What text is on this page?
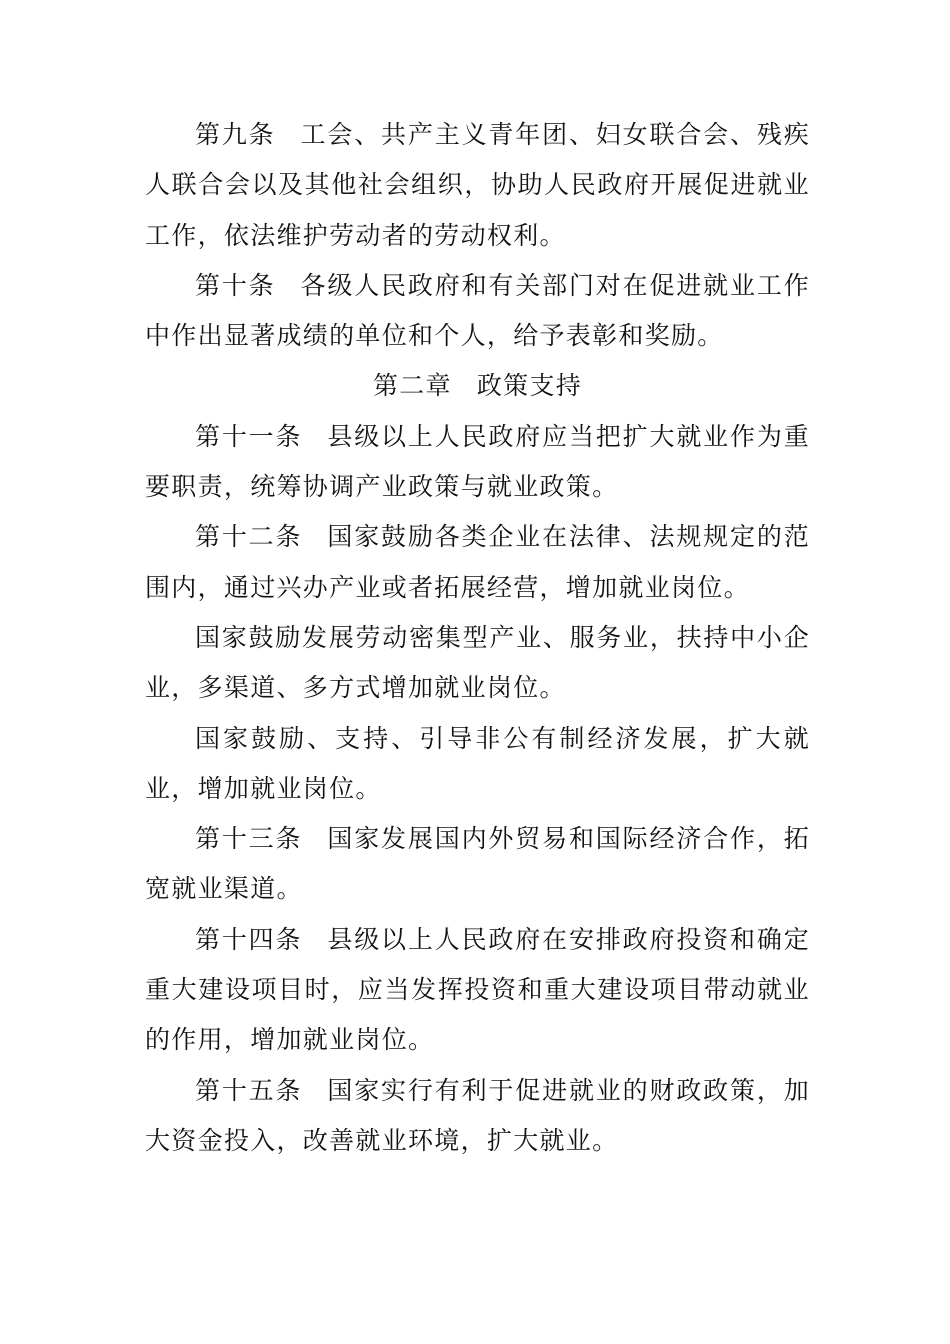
第九条 工会、共产主义青年团、妇女联合会、残疾人联合会以及其他社会组织，协助人民政府开展促进就业工作，依法维护劳动者的劳动权利。

第十条 各级人民政府和有关部门对在促进就业工作中作出显著成绩的单位和个人，给予表彰和奖励。

第二章 政策支持

第十一条 县级以上人民政府应当把扩大就业作为重要职责，统筹协调产业政策与就业政策。

第十二条 国家鼓励各类企业在法律、法规规定的范围内，通过兴办产业或者拓展经营，增加就业岗位。

国家鼓励发展劳动密集型产业、服务业，扶持中小企业，多渠道、多方式增加就业岗位。

国家鼓励、支持、引导非公有制经济发展，扩大就业，增加就业岗位。

第十三条 国家发展国内外贸易和国际经济合作，拓宽就业渠道。

第十四条 县级以上人民政府在安排政府投资和确定重大建设项目时，应当发挥投资和重大建设项目带动就业的作用，增加就业岗位。

第十五条 国家实行有利于促进就业的财政政策，加大资金投入，改善就业环境，扩大就业。
